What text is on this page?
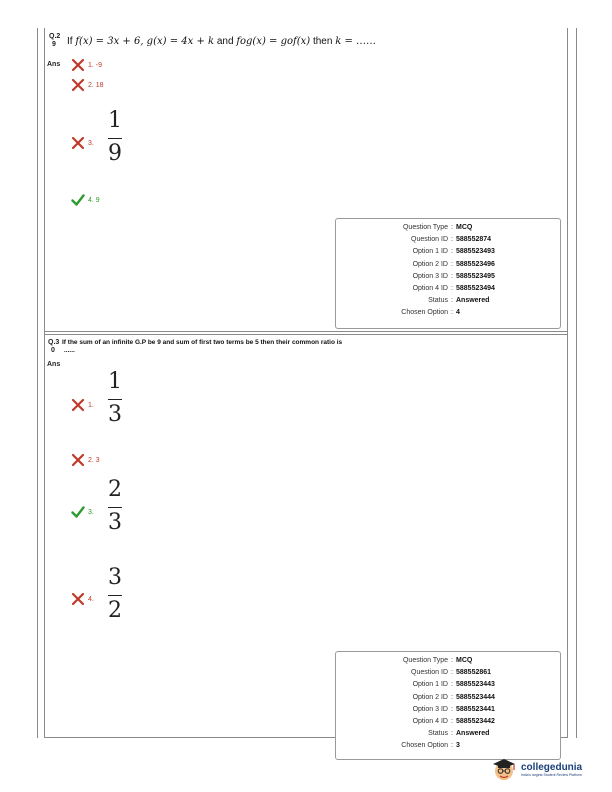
Q.2
9	If f(x) = 3x + 6, g(x) = 4x + k and fog(x) = gof(x) then k = ……
Ans	1. -9
2. 18
3.
1
9
4. 9
Question Type : MCQ
Question ID : 588552874
Option 1 ID : 5885523493
Option 2 ID : 5885523496
Option 3 ID : 5885523495
Option 4 ID : 5885523494
Status : Answered
Chosen Option : 4
Q.3
0
If the sum of an infinite G.P be 9 and sum of first two terms be 5 then their common ratio is
......
Ans
1.
1
3
2. 3
3.
2
3
4.
3
2
Question Type : MCQ
Question ID : 588552861
Option 1 ID : 5885523443
Option 2 ID : 5885523444
Option 3 ID : 5885523441
Option 4 ID : 5885523442
Status : Answered
Chosen Option : 3
collegedunia
India's largest Student Review Platform
